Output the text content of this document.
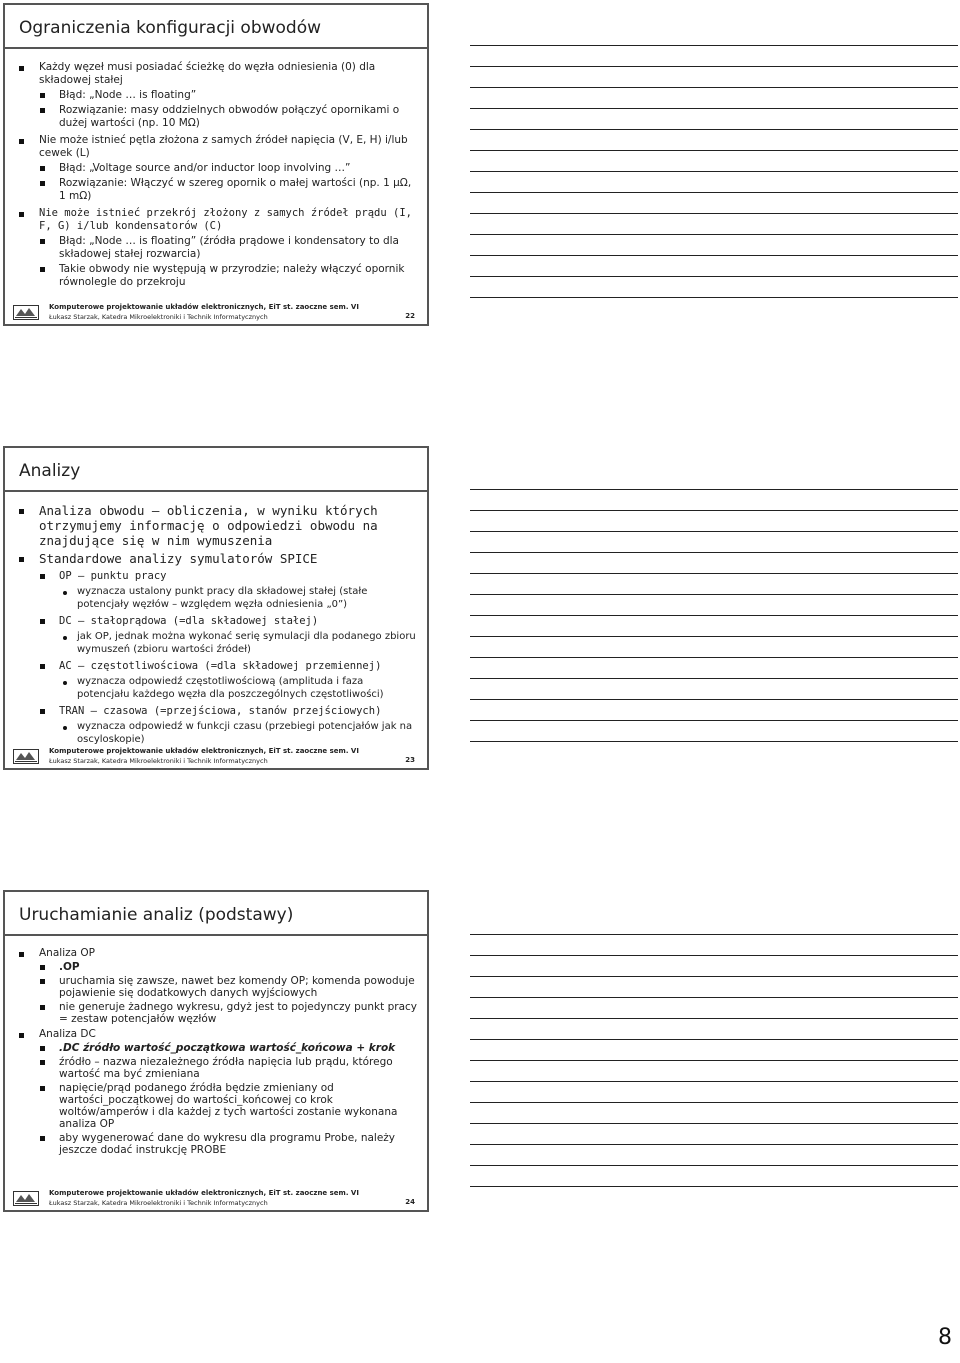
Ograniczenia konfiguracji obwodów
Każdy węzeł musi posiadać ścieżkę do węzła odniesienia (0) dla składowej stałej
Błąd: „Node … is floating”
Rozwiązanie: masy oddzielnych obwodów połączyć opornikami o dużej wartości (np. 10 MΩ)
Nie może istnieć pętla złożona z samych źródeł napięcia (V, E, H) i/lub cewek (L)
Błąd: „Voltage source and/or inductor loop involving …”
Rozwiązanie: Włączyć w szereg opornik o małej wartości (np. 1 µΩ, 1 mΩ)
Nie może istnieć przekrój złożony z samych źródeł prądu (I, F, G) i/lub kondensatorów (C)
Błąd: „Node … is floating” (źródła prądowe i kondensatory to dla składowej stałej rozwarcia)
Takie obwody nie występują w przyrodzie; należy włączyć opornik równolegle do przekroju
Komputerowe projektowanie układów elektronicznych, EiT st. zaoczne sem. VI
Łukasz Starzak, Katedra Mikroelektroniki i Technik Informatycznych	22
Analizy
Analiza obwodu – obliczenia, w wyniku których otrzymujemy informację o odpowiedzi obwodu na znajdujące się w nim wymuszenia
Standardowe analizy symulatorów SPICE
OP – punktu pracy
wyznacza ustalony punkt pracy dla składowej stałej (stałe potencjały węzłów – względem węzła odniesienia „0”)
DC – stałoprądowa (=dla składowej stałej)
jak OP, jednak można wykonać serię symulacji dla podanego zbioru wymuszeń (zbioru wartości źródeł)
AC – częstotliwościowa (=dla składowej przemiennej)
wyznacza odpowiedź częstotliwościową (amplituda i faza potencjału każdego węzła dla poszczególnych częstotliwości)
TRAN – czasowa (=przejściowa, stanów przejściowych)
wyznacza odpowiedź w funkcji czasu (przebiegi potencjałów jak na oscyloskopie)
Komputerowe projektowanie układów elektronicznych, EiT st. zaoczne sem. VI
Łukasz Starzak, Katedra Mikroelektroniki i Technik Informatycznych	23
Uruchamianie analiz (podstawy)
Analiza OP
.OP
uruchamia się zawsze, nawet bez komendy OP; komenda powoduje pojawienie się dodatkowych danych wyjściowych
nie generuje żadnego wykresu, gdyż jest to pojedynczy punkt pracy = zestaw potencjałów węzłów
Analiza DC
.DC źródło wartość_początkowa wartość_końcowa + krok
źródło – nazwa niezależnego źródła napięcia lub prądu, którego wartość ma być zmieniana
napięcie/prąd podanego źródła będzie zmieniany od wartości_początkowej do wartości_końcowej co krok woltów/amperów i dla każdej z tych wartości zostanie wykonana analiza OP
aby wygenerować dane do wykresu dla programu Probe, należy jeszcze dodać instrukcję PROBE
Komputerowe projektowanie układów elektronicznych, EiT st. zaoczne sem. VI
Łukasz Starzak, Katedra Mikroelektroniki i Technik Informatycznych	24
8
